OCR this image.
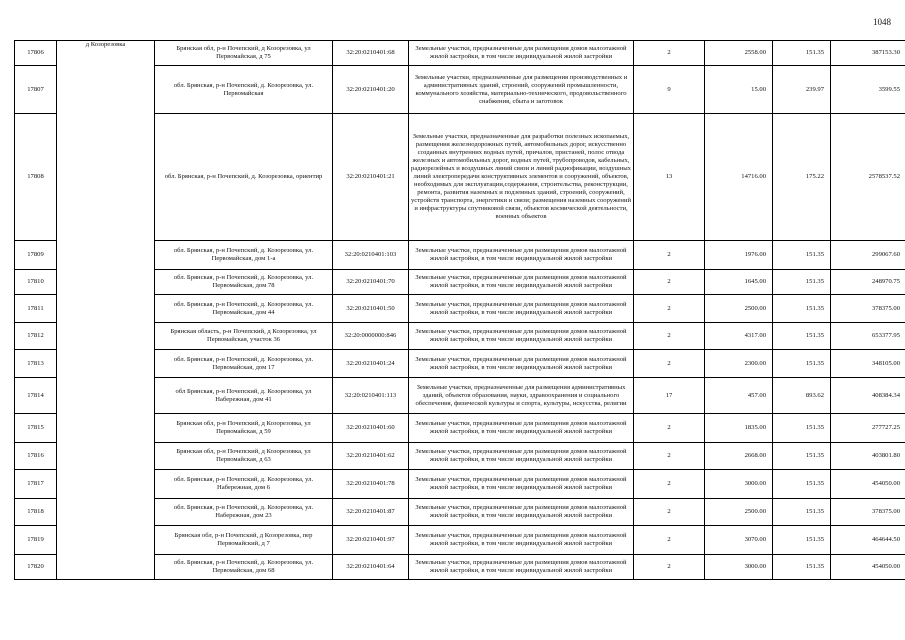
1048
17806	д Козорезовка	Брянская обл, р-н Почепский, д Козорезовка, ул Первомайская, д 75	32:20:0210401:68	Земельные участки, предназначенные для размещения домов малоэтажной жилой застройки, в том числе индивидуальной жилой застройки	2	2558.00	151.35	387153.30
17807		обл. Брянская, р-н Почепский, д. Козорезовка, ул. Первомайская	32:20:0210401:20	Земельные участки, предназначенные для размещения производственных и административных зданий, строений, сооружений промышленности, коммунального хозяйства, материально-технического, продовольственного снабжения, сбыта и заготовок	9	15.00	239.97	3599.55
17808		обл. Брянская, р-н Почепский, д. Козорезовка, ориентир	32:20:0210401:21	Земельные участки, предназначенные для разработки полезных ископаемых, размещения железнодорожных путей, автомобильных дорог, искусственно созданных внутренних водных путей, причалов, пристаней, полос отвода железных и автомобильных дорог, водных путей, трубопроводов, кабельных, радиорелейных и воздушных линий связи и линий радиофикации, воздушных линий электропередачи конструктивных элементов и сооружений, объектов, необходимых для эксплуатации,содержания, строительства, реконструкции, ремонта, развития наземных и подземных зданий, строений, сооружений, устройств транспорта, энергетики и связи; размещения наземных сооружений и инфраструктуры спутниковой связи, объектов космической деятельности, военных объектов	13	14716.00	175.22	2578537.52
17809		обл. Брянская, р-н Почепский, д. Козорезовка, ул. Первомайская, дом 1-а	32:20:0210401:103	Земельные участки, предназначенные для размещения домов малоэтажной жилой застройки, в том числе индивидуальной жилой застройки	2	1976.00	151.35	299067.60
17810		обл. Брянская, р-н Почепский, д. Козорезовка, ул. Первомайская, дом 78	32:20:0210401:70	Земельные участки, предназначенные для размещения домов малоэтажной жилой застройки, в том числе индивидуальной жилой застройки	2	1645.00	151.35	248970.75
17811		обл. Брянская, р-н Почепский, д. Козорезовка, ул. Первомайская, дом 44	32:20:0210401:50	Земельные участки, предназначенные для размещения домов малоэтажной жилой застройки, в том числе индивидуальной жилой застройки	2	2500.00	151.35	378375.00
17812		Брянская область, р-н Почепский, д Козорезовка, ул Первомайская, участок 36	32:20:0000000:846	Земельные участки, предназначенные для размещения домов малоэтажной жилой застройки, в том числе индивидуальной жилой застройки	2	4317.00	151.35	653377.95
17813		обл. Брянская, р-н Почепский, д. Козорезовка, ул. Первомайская, дом 17	32:20:0210401:24	Земельные участки, предназначенные для размещения домов малоэтажной жилой застройки, в том числе индивидуальной жилой застройки	2	2300.00	151.35	348105.00
17814		обл Брянская, р-н Почепский, д. Козорезовка, ул Набережная, дом 41	32:20:0210401:113	Земельные участки, предназначенные для размещения административных зданий, объектов образования, науки, здравоохранения и социального обеспечения, физической культуры и спорта, культуры, искусства, религии	17	457.00	893.62	408384.34
17815		Брянская обл, р-н Почепский, д Козорезовка, ул Первомайская, д 59	32:20:0210401:60	Земельные участки, предназначенные для размещения домов малоэтажной жилой застройки, в том числе индивидуальной жилой застройки	2	1835.00	151.35	277727.25
17816		Брянская обл, р-н Почепский, д Козорезовка, ул Первомайская, д 63	32:20:0210401:62	Земельные участки, предназначенные для размещения домов малоэтажной жилой застройки, в том числе индивидуальной жилой застройки	2	2668.00	151.35	403801.80
17817		обл. Брянская, р-н Почепский, д. Козорезовка, ул. Набережная, дом 6	32:20:0210401:78	Земельные участки, предназначенные для размещения домов малоэтажной жилой застройки, в том числе индивидуальной жилой застройки	2	3000.00	151.35	454050.00
17818		обл. Брянская, р-н Почепский, д. Козорезовка, ул. Набережная, дом 23	32:20:0210401:87	Земельные участки, предназначенные для размещения домов малоэтажной жилой застройки, в том числе индивидуальной жилой застройки	2	2500.00	151.35	378375.00
17819		Брянская обл, р-н Почепский, д Козорезовка, пер Первомайский, д 7	32:20:0210401:97	Земельные участки, предназначенные для размещения домов малоэтажной жилой застройки, в том числе индивидуальной жилой застройки	2	3070.00	151.35	464644.50
17820		обл. Брянская, р-н Почепский, д. Козорезовка, ул. Первомайская, дом 68	32:20:0210401:64	Земельные участки, предназначенные для размещения домов малоэтажной жилой застройки, в том числе индивидуальной жилой застройки	2	3000.00	151.35	454050.00
